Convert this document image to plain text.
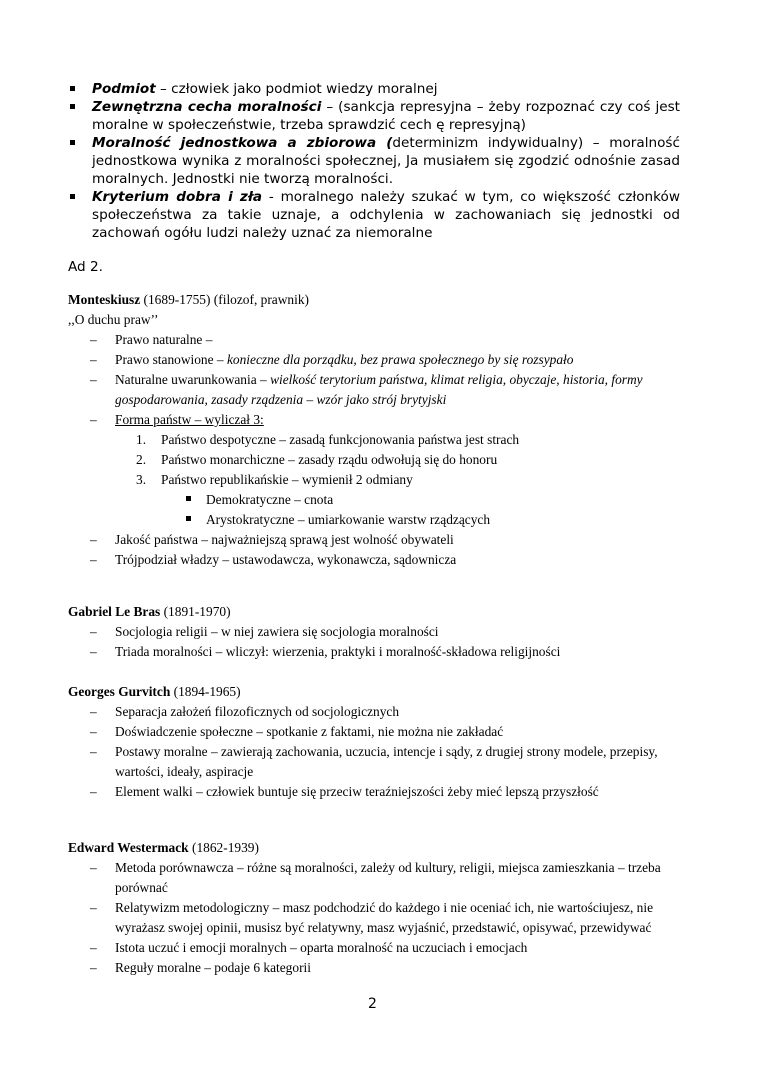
Podmiot – człowiek jako podmiot wiedzy moralnej
Zewnętrzna cecha moralności – (sankcja represyjna – żeby rozpoznać czy coś jest moralne w społeczeństwie, trzeba sprawdzić cech ę represyjną)
Moralność jednostkowa a zbiorowa (determinizm indywidualny) – moralność jednostkowa wynika z moralności społecznej, Ja musiałem się zgodzić odnośnie zasad moralnych. Jednostki nie tworzą moralności.
Kryterium dobra i zła - moralnego należy szukać w tym, co większość członków społeczeństwa za takie uznaje, a odchylenia w zachowaniach się jednostki od zachowań ogółu ludzi należy uznać za niemoralne
Ad 2.
Monteskiusz (1689-1755) (filozof, prawnik)
,,O duchu praw’’
– Prawo naturalne –
– Prawo stanowione – konieczne dla porządku, bez prawa społecznego by się rozsypało
– Naturalne uwarunkowania – wielkość terytorium państwa, klimat religia, obyczaje, historia, formy gospodarowania, zasady rządzenia – wzór jako strój brytyjski
– Forma państw – wyliczał 3:
1. Państwo despotyczne – zasadą funkcjonowania państwa jest strach
2. Państwo monarchiczne – zasady rządu odwołują się do honoru
3. Państwo republikańskie – wymienił 2 odmiany
Demokratyczne – cnota
Arystokratyczne – umiarkowanie warstw rządzących
– Jakość państwa – najważniejszą sprawą jest wolność obywateli
– Trójpodział władzy – ustawodawcza, wykonawcza, sądownicza
Gabriel Le Bras (1891-1970)
– Socjologia religii – w niej zawiera się socjologia moralności
– Triada moralności – wliczył: wierzenia, praktyki i moralność-składowa religijności
Georges Gurvitch (1894-1965)
– Separacja założeń filozoficznych od socjologicznych
– Doświadczenie społeczne – spotkanie z faktami, nie można nie zakładać
– Postawy moralne – zawierają zachowania, uczucia, intencje i sądy, z drugiej strony modele, przepisy, wartości, ideały, aspiracje
– Element walki – człowiek buntuje się przeciw teraźniejszości żeby mieć lepszą przyszłość
Edward Westermack (1862-1939)
– Metoda porównawcza – różne są moralności, zależy od kultury, religii, miejsca zamieszkania – trzeba porównać
– Relatywizm metodologiczny – masz podchodzić do każdego i nie oceniać ich, nie wartościujesz, nie wyrażasz swojej opinii, musisz być relatywny, masz wyjaśnić, przedstawić, opisywać, przewidywać
– Istota uczuć i emocji moralnych – oparta moralność na uczuciach i emocjach
– Reguły moralne – podaje 6 kategorii
2
